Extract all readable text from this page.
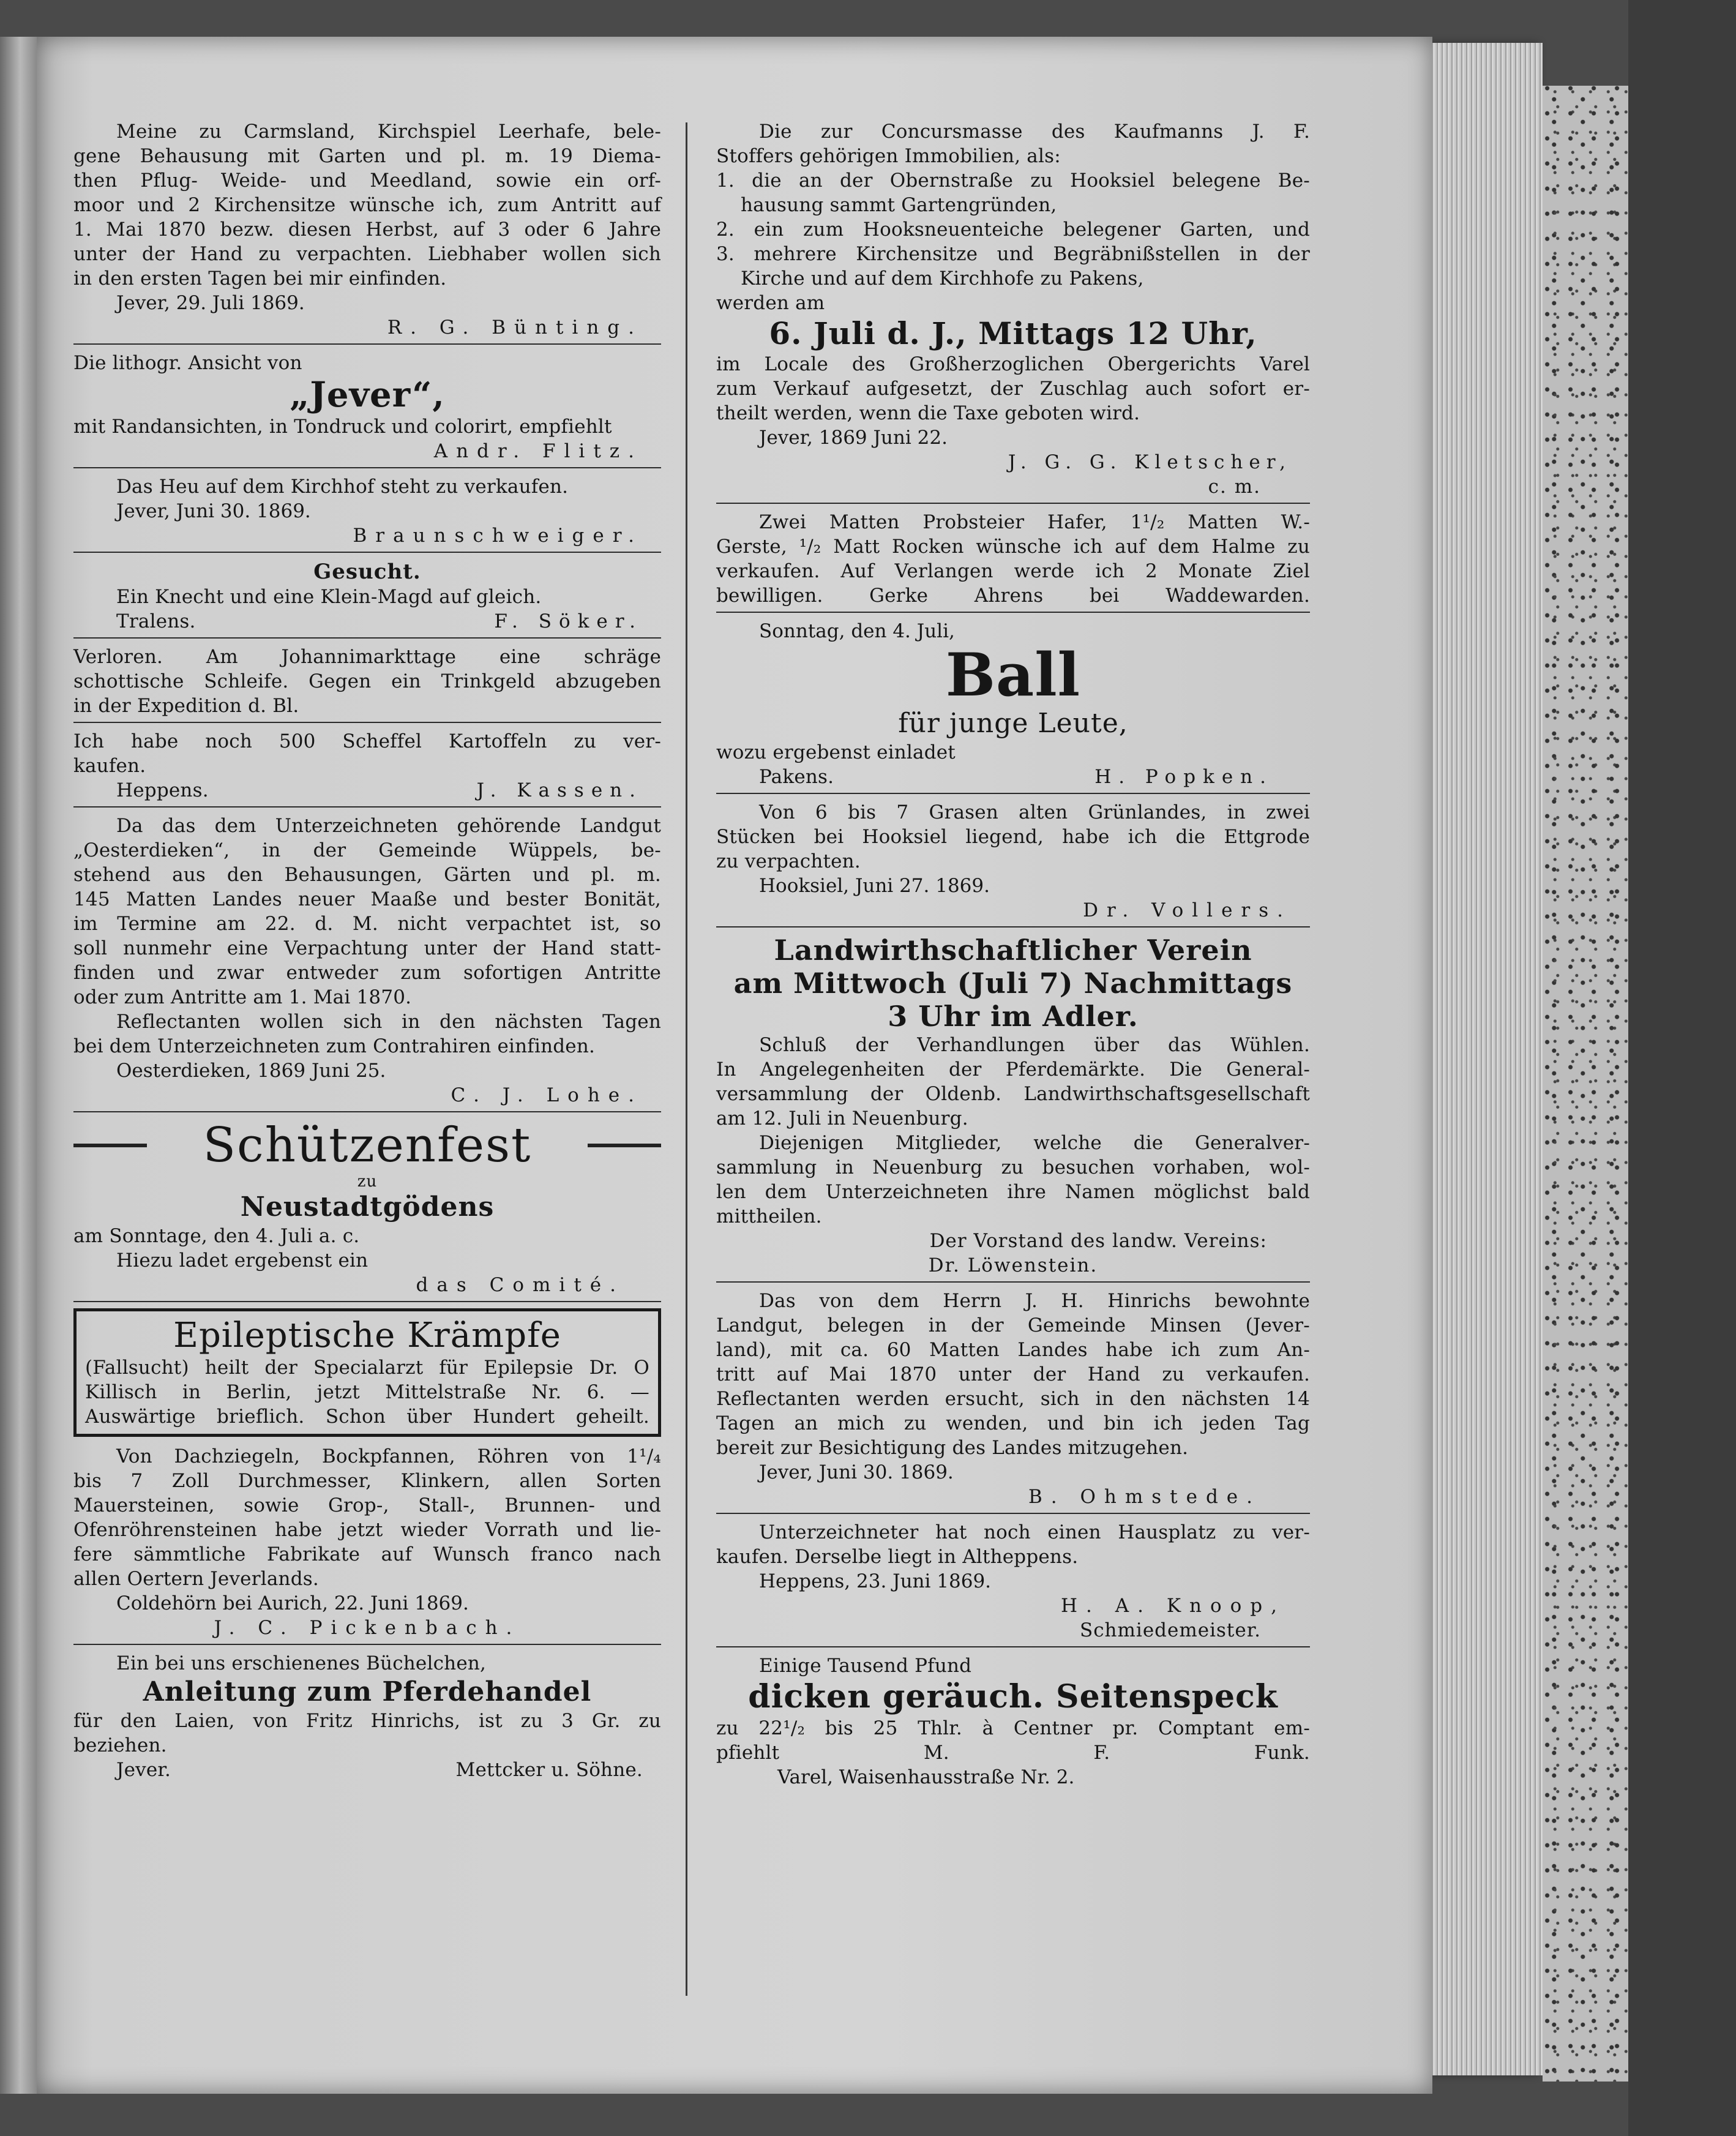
Meine zu Carmsland, Kirchspiel Leerhafe, bele-

gene Behausung mit Garten und pl. m. 19 Diema-

then Pflug- Weide- und Meedland, sowie ein orf-

moor und 2 Kirchensitze wünsche ich, zum Antritt auf

1. Mai 1870 bezw. diesen Herbst, auf 3 oder 6 Jahre

unter der Hand zu verpachten. Liebhaber wollen sich

in den ersten Tagen bei mir einfinden.

Jever, 29. Juli 1869.

R. G. Bünting.

Die lithogr. Ansicht von

„Jever“,

mit Randansichten, in Tondruck und colorirt, empfiehlt

Andr. Flitz.

Das Heu auf dem Kirchhof steht zu verkaufen.

Jever, Juni 30. 1869.

Braunschweiger.

Gesucht.

Ein Knecht und eine Klein-Magd auf gleich.

Tralens.	F. Söker.

Verloren. Am Johannimarkttage eine schräge

schottische Schleife. Gegen ein Trinkgeld abzugeben

in der Expedition d. Bl.

Ich habe noch 500 Scheffel Kartoffeln zu ver-

kaufen.

Heppens.	J. Kassen.

Da das dem Unterzeichneten gehörende Landgut

„Oesterdieken“, in der Gemeinde Wüppels, be-

stehend aus den Behausungen, Gärten und pl. m.

145 Matten Landes neuer Maaße und bester Bonität,

im Termine am 22. d. M. nicht verpachtet ist, so

soll nunmehr eine Verpachtung unter der Hand statt-

finden und zwar entweder zum sofortigen Antritte

oder zum Antritte am 1. Mai 1870.

Reflectanten wollen sich in den nächsten Tagen

bei dem Unterzeichneten zum Contrahiren einfinden.

Oesterdieken, 1869 Juni 25.

C. J. Lohe.

Schützenfest

zu

Neustadtgödens

am Sonntage, den 4. Juli a. c.

Hiezu ladet ergebenst ein

das Comité.

Epileptische Krämpfe

(Fallsucht) heilt der Specialarzt für Epilepsie Dr. O

Killisch in Berlin, jetzt Mittelstraße Nr. 6. —

Auswärtige brieflich. Schon über Hundert geheilt.

Von Dachziegeln, Bockpfannen, Röhren von 1¹/₄

bis 7 Zoll Durchmesser, Klinkern, allen Sorten

Mauersteinen, sowie Grop-, Stall-, Brunnen- und

Ofenröhrensteinen habe jetzt wieder Vorrath und lie-

fere sämmtliche Fabrikate auf Wunsch franco nach

allen Oertern Jeverlands.

Coldehörn bei Aurich, 22. Juni 1869.

J. C. Pickenbach.

Ein bei uns erschienenes Büchelchen,

Anleitung zum Pferdehandel

für den Laien, von Fritz Hinrichs, ist zu 3 Gr. zu

beziehen.

Jever.	Mettcker u. Söhne.

Die zur Concursmasse des Kaufmanns J. F.

Stoffers gehörigen Immobilien, als:

1. die an der Obernstraße zu Hooksiel belegene Be-

hausung sammt Gartengründen,

2. ein zum Hooksneuenteiche belegener Garten, und

3. mehrere Kirchensitze und Begräbnißstellen in der

Kirche und auf dem Kirchhofe zu Pakens,

werden am

6. Juli d. J., Mittags 12 Uhr,

im Locale des Großherzoglichen Obergerichts Varel

zum Verkauf aufgesetzt, der Zuschlag auch sofort er-

theilt werden, wenn die Taxe geboten wird.

Jever, 1869 Juni 22.

J. G. G. Kletscher,

c. m.

Zwei Matten Probsteier Hafer, 1¹/₂ Matten W.-

Gerste, ¹/₂ Matt Rocken wünsche ich auf dem Halme zu

verkaufen. Auf Verlangen werde ich 2 Monate Ziel

bewilligen. Gerke Ahrens bei Waddewarden.

Sonntag, den 4. Juli,

Ball

für junge Leute,

wozu ergebenst einladet

Pakens.	H. Popken.

Von 6 bis 7 Grasen alten Grünlandes, in zwei

Stücken bei Hooksiel liegend, habe ich die Ettgrode

zu verpachten.

Hooksiel, Juni 27. 1869.

Dr. Vollers.

Landwirthschaftlicher Verein

am Mittwoch (Juli 7) Nachmittags

3 Uhr im Adler.

Schluß der Verhandlungen über das Wühlen.

In Angelegenheiten der Pferdemärkte. Die General-

versammlung der Oldenb. Landwirthschaftsgesellschaft

am 12. Juli in Neuenburg.

Diejenigen Mitglieder, welche die Generalver-

sammlung in Neuenburg zu besuchen vorhaben, wol-

len dem Unterzeichneten ihre Namen möglichst bald

mittheilen.

Der Vorstand des landw. Vereins:

Dr. Löwenstein.

Das von dem Herrn J. H. Hinrichs bewohnte

Landgut, belegen in der Gemeinde Minsen (Jever-

land), mit ca. 60 Matten Landes habe ich zum An-

tritt auf Mai 1870 unter der Hand zu verkaufen.

Reflectanten werden ersucht, sich in den nächsten 14

Tagen an mich zu wenden, und bin ich jeden Tag

bereit zur Besichtigung des Landes mitzugehen.

Jever, Juni 30. 1869.

B. Ohmstede.

Unterzeichneter hat noch einen Hausplatz zu ver-

kaufen. Derselbe liegt in Altheppens.

Heppens, 23. Juni 1869.

H. A. Knoop,

Schmiedemeister.

Einige Tausend Pfund

dicken geräuch. Seitenspeck

zu 22¹/₂ bis 25 Thlr. à Centner pr. Comptant em-

pfiehlt M. F. Funk.

Varel, Waisenhausstraße Nr. 2.
